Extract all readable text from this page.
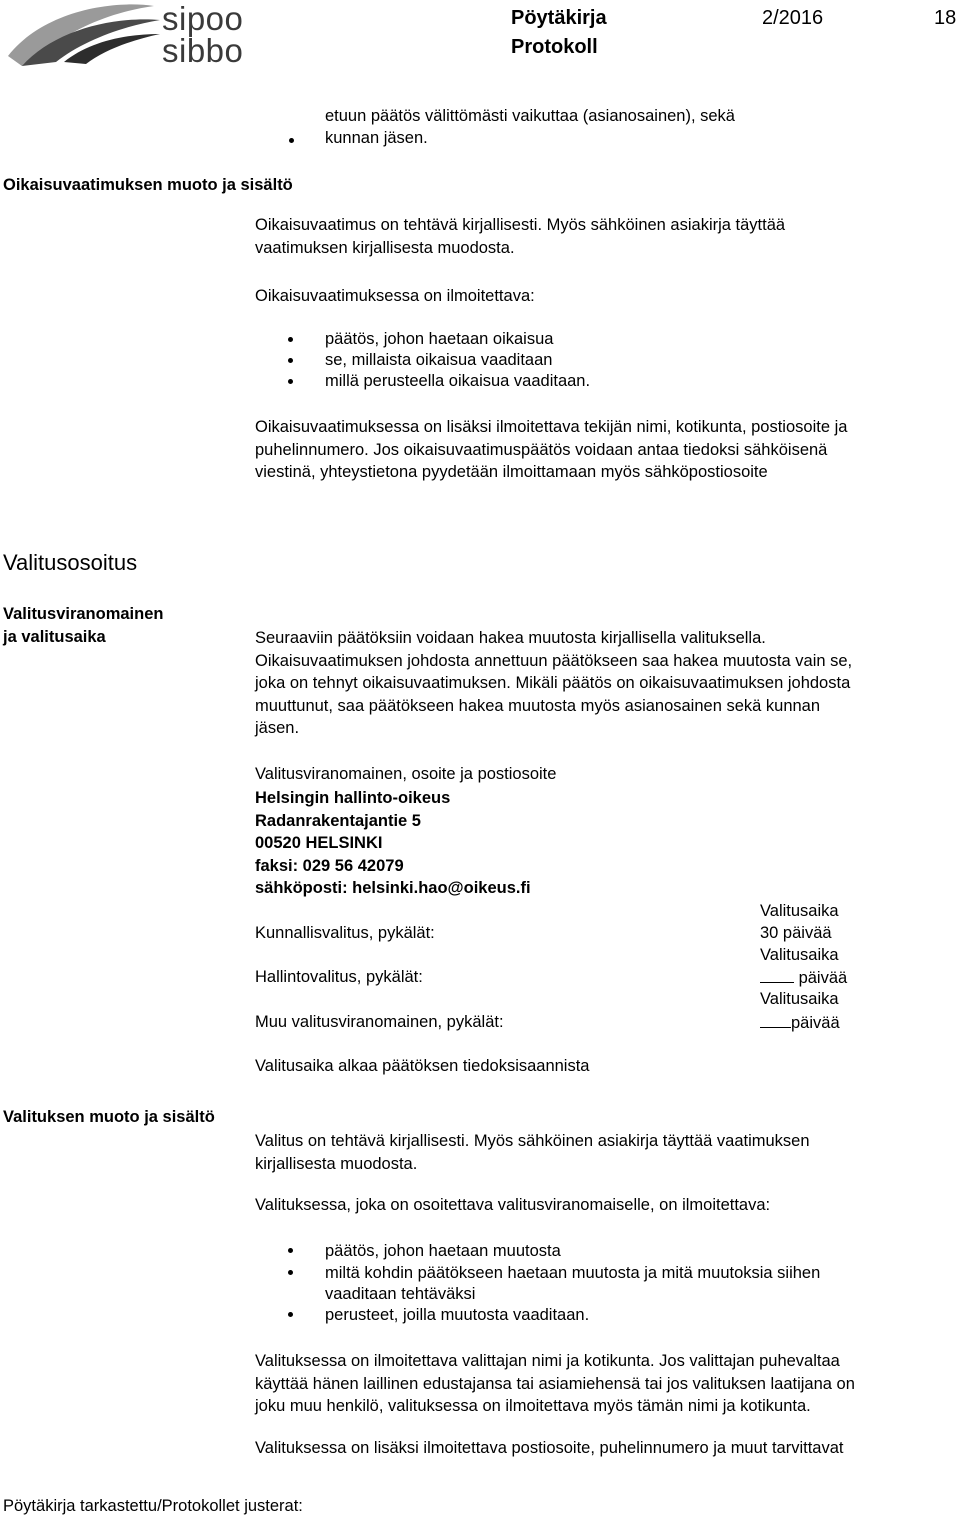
sipoo
sibbo
Pöytäkirja
Protokoll
2/2016	18
etuun päätös välittömästi vaikuttaa (asianosainen), sekä
kunnan jäsen.
Oikaisuvaatimuksen muoto ja sisältö
Oikaisuvaatimus on tehtävä kirjallisesti. Myös sähköinen asiakirja täyttää
vaatimuksen kirjallisesta muodosta.
Oikaisuvaatimuksessa on ilmoitettava:
päätös, johon haetaan oikaisua
se, millaista oikaisua vaaditaan
millä perusteella oikaisua vaaditaan.
Oikaisuvaatimuksessa on lisäksi ilmoitettava tekijän nimi, kotikunta, postiosoite ja
puhelinnumero. Jos oikaisuvaatimuspäätös voidaan antaa tiedoksi sähköisenä
viestinä, yhteystietona pyydetään ilmoittamaan myös sähköpostiosoite
Valitusosoitus
Valitusviranomainen
ja valitusaika	Seuraaviin päätöksiin voidaan hakea muutosta kirjallisella valituksella.
Oikaisuvaatimuksen johdosta annettuun päätökseen saa hakea muutosta vain se,
joka on tehnyt oikaisuvaatimuksen. Mikäli päätös on oikaisuvaatimuksen johdosta
muuttunut, saa päätökseen hakea muutosta myös asianosainen sekä kunnan
jäsen.
Valitusviranomainen, osoite ja postiosoite
Helsingin hallinto-oikeus
Radanrakentajantie 5
00520 HELSINKI
faksi: 029 56 42079
sähköposti: helsinki.hao@oikeus.fi
Valitusaika
Kunnallisvalitus, pykälät:	30 päivää
Valitusaika
Hallintovalitus, pykälät:	päivää
Valitusaika
Muu valitusviranomainen, pykälät:	päivää
Valitusaika alkaa päätöksen tiedoksisaannista
Valituksen muoto ja sisältö
Valitus on tehtävä kirjallisesti. Myös sähköinen asiakirja täyttää vaatimuksen
kirjallisesta muodosta.
Valituksessa, joka on osoitettava valitusviranomaiselle, on ilmoitettava:
päätös, johon haetaan muutosta
miltä kohdin päätökseen haetaan muutosta ja mitä muutoksia siihen
vaaditaan tehtäväksi
perusteet, joilla muutosta vaaditaan.
Valituksessa on ilmoitettava valittajan nimi ja kotikunta. Jos valittajan puhevaltaa
käyttää hänen laillinen edustajansa tai asiamiehensä tai jos valituksen laatijana on
joku muu henkilö, valituksessa on ilmoitettava myös tämän nimi ja kotikunta.
Valituksessa on lisäksi ilmoitettava postiosoite, puhelinnumero ja muut tarvittavat
Pöytäkirja tarkastettu/Protokollet justerat:
